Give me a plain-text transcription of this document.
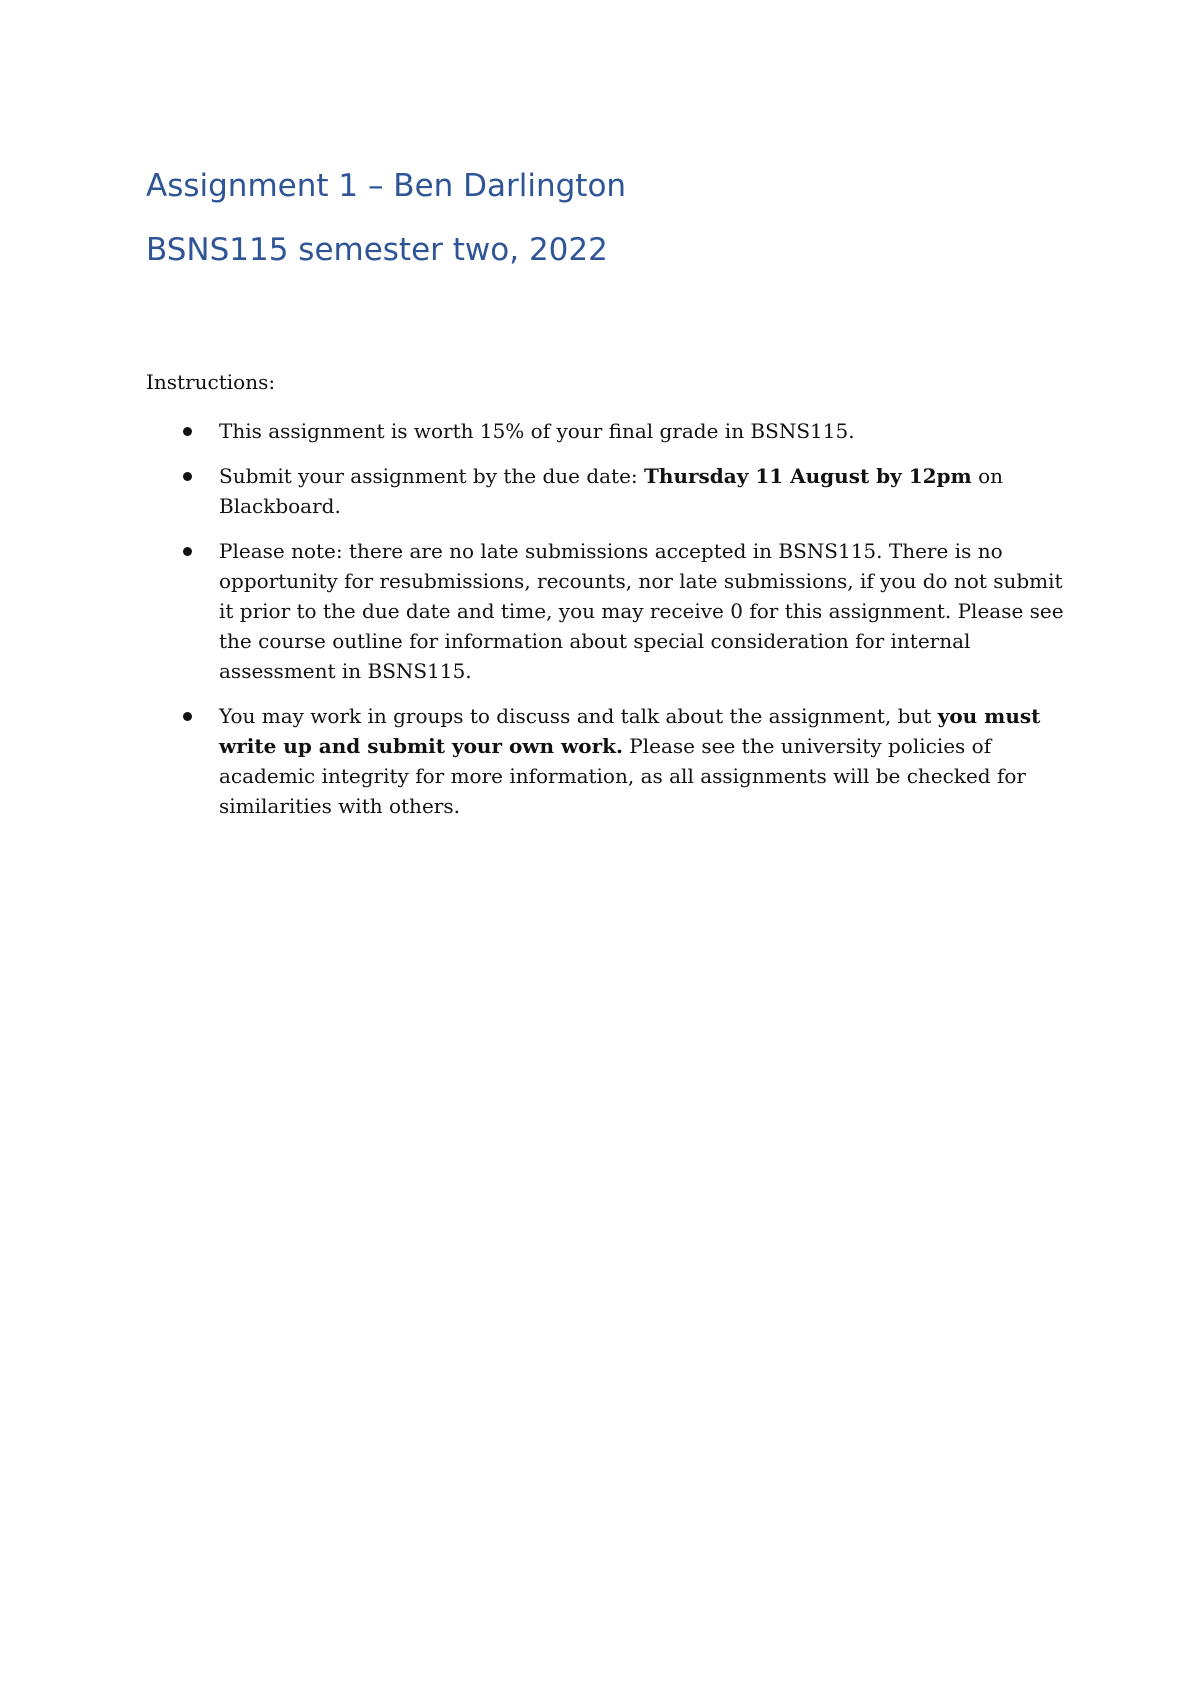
Assignment 1 – Ben Darlington
BSNS115 semester two, 2022

Instructions:

This assignment is worth 15% of your final grade in BSNS115.
Submit your assignment by the due date: Thursday 11 August by 12pm on Blackboard.
Please note: there are no late submissions accepted in BSNS115. There is no opportunity for resubmissions, recounts, nor late submissions, if you do not submit it prior to the due date and time, you may receive 0 for this assignment. Please see the course outline for information about special consideration for internal assessment in BSNS115.
You may work in groups to discuss and talk about the assignment, but you must write up and submit your own work. Please see the university policies of academic integrity for more information, as all assignments will be checked for similarities with others.
